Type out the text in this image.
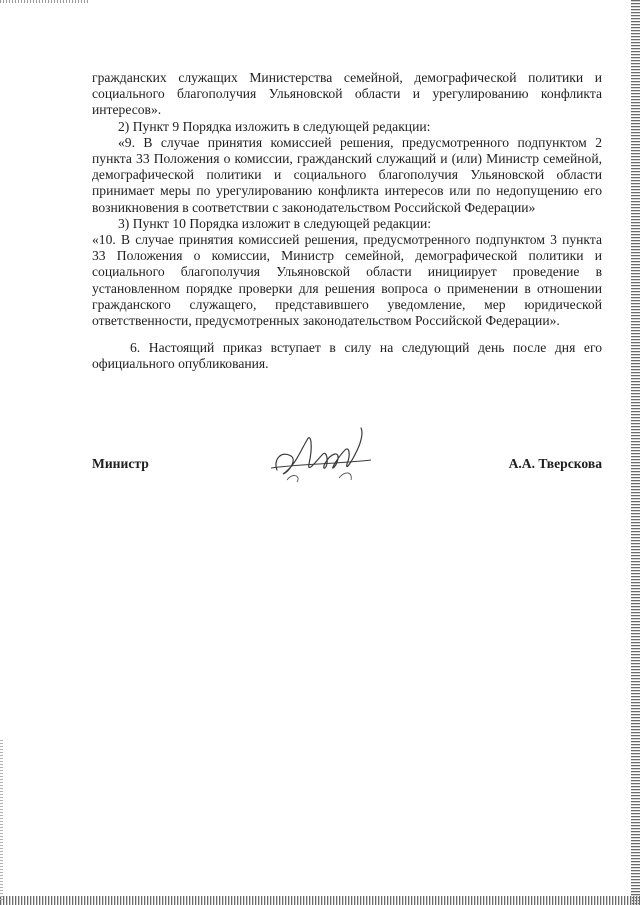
гражданских служащих Министерства семейной, демографической политики и социального благополучия Ульяновской области и урегулированию конфликта интересов».

2) Пункт 9 Порядка изложить в следующей редакции:

«9. В случае принятия комиссией решения, предусмотренного подпунктом 2 пункта 33 Положения о комиссии, гражданский служащий и (или) Министр семейной, демографической политики и социального благополучия Ульяновской области принимает меры по урегулированию конфликта интересов или по недопущению его возникновения в соответствии с законодательством Российской Федерации»

3) Пункт 10 Порядка изложит в следующей редакции:

«10. В случае принятия комиссией решения, предусмотренного подпунктом 3 пункта 33 Положения о комиссии, Министр семейной, демографической политики и социального благополучия Ульяновской области инициирует проведение в установленном порядке проверки для решения вопроса о применении в отношении гражданского служащего, представившего уведомление, мер юридической ответственности, предусмотренных законодательством Российской Федерации».

6. Настоящий приказ вступает в силу на следующий день после дня его официального опубликования.

Министр	А.А. Тверскова
